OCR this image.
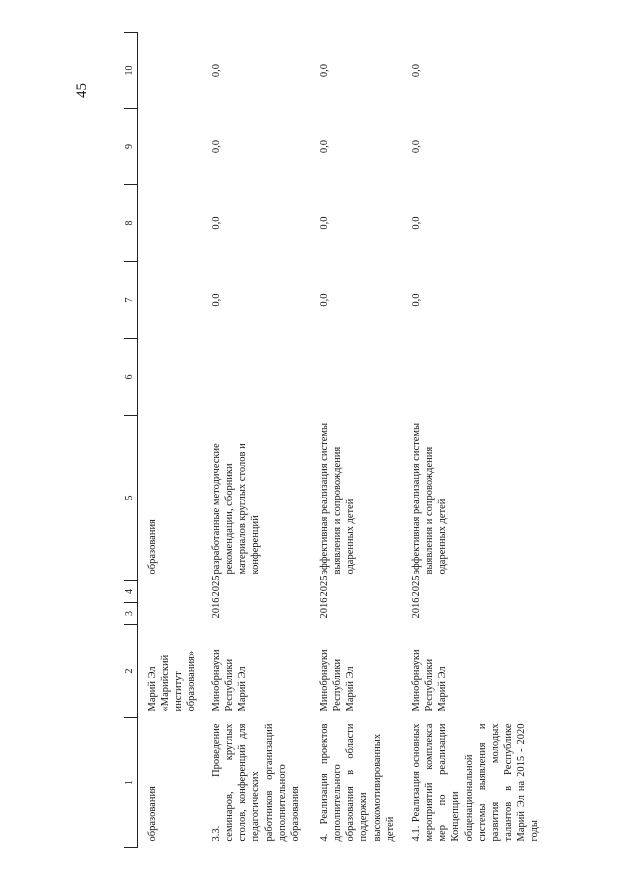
45
1	2	3	4	5	6	7	8	9	10
образования	Марий Эл «Марийский институт образования»			образования					
3.3. Проведение семинаров, круглых столов, конференций для педагогических работников организаций дополнительного образования	Минобрнауки Республики Марий Эл	2016	2025	разработанные методические рекомендации, сборники материалов круглых столов и конференций		0,0	0,0	0,0	0,0
4. Реализация проектов дополнительного образования в области поддержки высокомотивированных детей	Минобрнауки Республики Марий Эл	2016	2025	эффективная реализация системы выявления и сопровождения одаренных детей		0,0	0,0	0,0	0,0
4.1. Реализация основных мероприятий комплекса мер по реализации Концепции общенациональной системы выявления и развития молодых талантов в Республике Марий Эл на 2015 - 2020 годы	Минобрнауки Республики Марий Эл	2016	2025	эффективная реализация системы выявления и сопровождения одаренных детей		0,0	0,0	0,0	0,0
